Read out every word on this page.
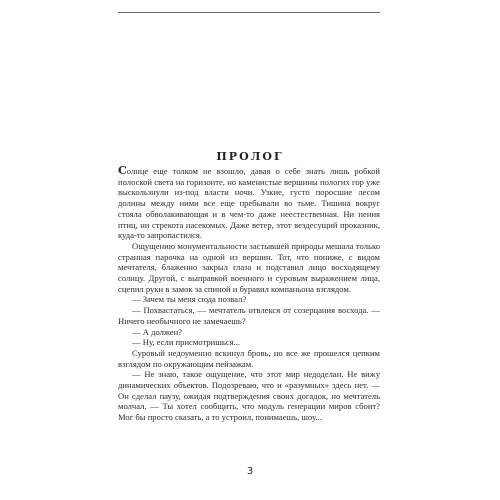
ПРОЛОГ

Солнце еще толком не взошло, давая о себе знать лишь робкой полоской света на горизонте, но каменистые вершины пологих гор уже выскользнули из-под власти ночи. Узкие, густо поросшие лесом долины между ними все еще пребывали во тьме. Тишина вокруг стояла обволакивающая и в чем-то даже неестественная. Ни пения птиц, ни стрекота насекомых. Даже ветер, этот вездесущий проказник, куда-то запропастился.

Ощущению монументальности застывшей природы мешала только странная парочка на одной из вершин. Тот, что пониже, с видом мечтателя, блаженно закрыл глаза и подставил лицо восходящему солнцу. Другой, с выправкой военного и суровым выражением лица, сцепил руки в замок за спиной и буравил компаньона взглядом.

— Зачем ты меня сюда позвал?

— Похвастаться, — мечтатель отвлекся от созерцания восхода. — Ничего необычного не замечаешь?

— А должен?

— Ну, если присмотришься...

Суровый недоуменно вскинул бровь, но все же прошелся цепким взглядом по окружающим пейзажам.

— Не знаю, такое ощущение, что этот мир недоделан. Не вижу динамических объектов. Подозреваю, что и «разумных» здесь нет. — Он сделал паузу, ожидая подтверждения своих догадок, но мечтатель молчал. — Ты хотел сообщить, что модуль генерации миров сбоит? Мог бы просто сказать, а то устроил, понимаешь, шоу...

3
